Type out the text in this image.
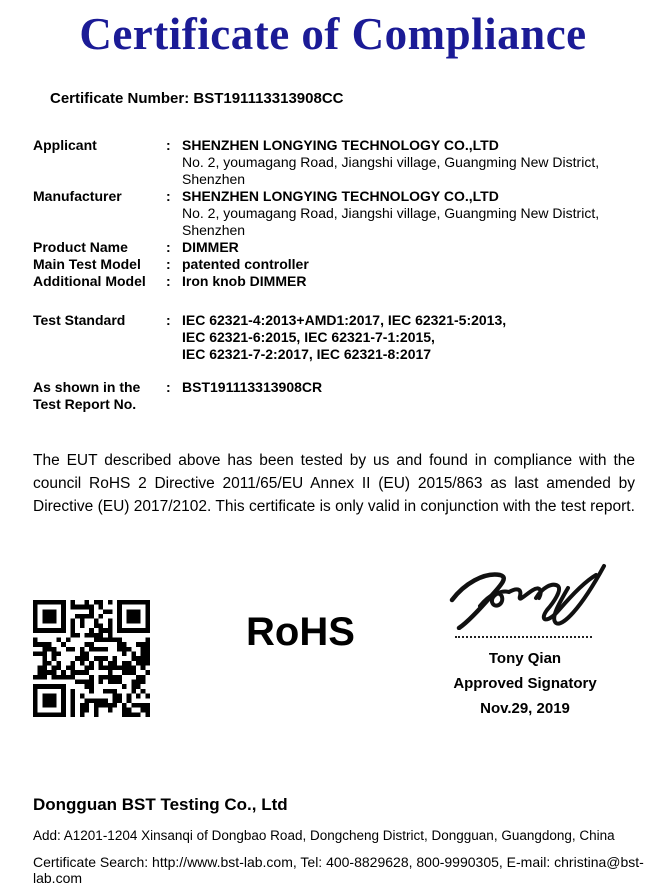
Certificate of Compliance
Certificate Number: BST191113313908CC
Applicant	: SHENZHEN LONGYING TECHNOLOGY CO.,LTD
No. 2, youmagang Road, Jiangshi village, Guangming New District,
Shenzhen
Manufacturer	: SHENZHEN LONGYING TECHNOLOGY CO.,LTD
No. 2, youmagang Road, Jiangshi village, Guangming New District,
Shenzhen
Product Name	: DIMMER
Main Test Model	: patented controller
Additional Model	: Iron knob DIMMER
Test Standard	: IEC 62321-4:2013+AMD1:2017, IEC 62321-5:2013,
IEC 62321-6:2015, IEC 62321-7-1:2015,
IEC 62321-7-2:2017, IEC 62321-8:2017
As shown in the
Test Report No.
: BST191113313908CR
The EUT described above has been tested by us and found in compliance with the council RoHS 2 Directive 2011/65/EU Annex II (EU) 2015/863 as last amended by Directive (EU) 2017/2102. This certificate is only valid in conjunction with the test report.
RoHS
Tony Qian
Approved Signatory
Nov.29, 2019
Dongguan BST Testing Co., Ltd
Add: A1201-1204 Xinsanqi of Dongbao Road, Dongcheng District, Dongguan, Guangdong, China
Certificate Search: http://www.bst-lab.com, Tel: 400-8829628, 800-9990305, E-mail: christina@bst-lab.com
